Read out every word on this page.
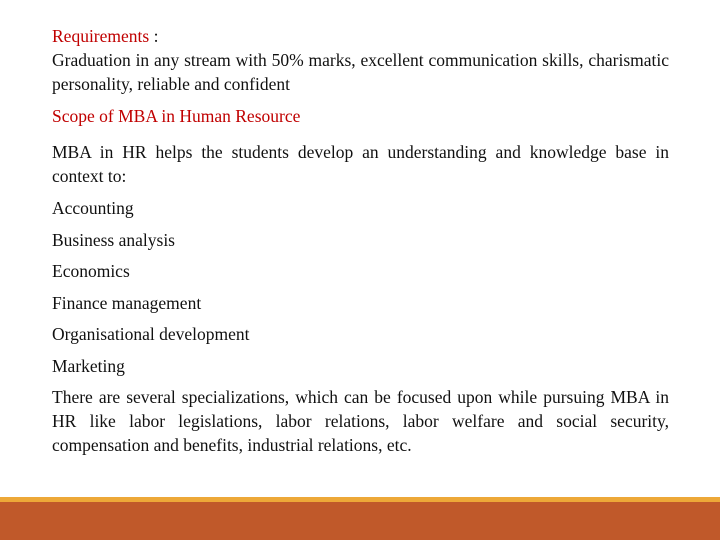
Requirements :

Graduation in any stream with 50% marks, excellent communication skills, charismatic personality, reliable and confident

Scope of MBA in Human Resource

MBA in HR helps the students develop an understanding and knowledge base in context to:

Accounting

Business analysis

Economics

Finance management

Organisational development

Marketing

There are several specializations, which can be focused upon while pursuing MBA in HR like labor legislations, labor relations, labor welfare and social security, compensation and benefits, industrial relations, etc.
